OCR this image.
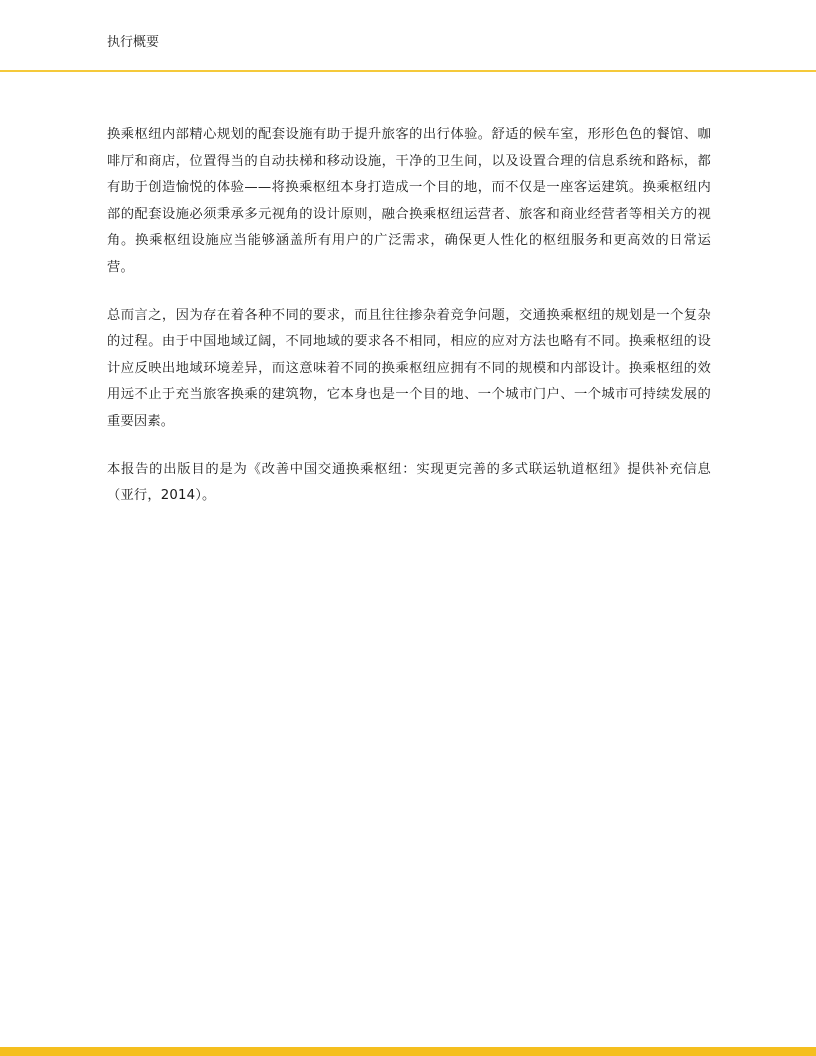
执行概要

换乘枢纽内部精心规划的配套设施有助于提升旅客的出行体验。舒适的候车室，形形色色的餐馆、咖啡厅和商店，位置得当的自动扶梯和移动设施，干净的卫生间，以及设置合理的信息系统和路标，都有助于创造愉悦的体验——将换乘枢纽本身打造成一个目的地，而不仅是一座客运建筑。换乘枢纽内部的配套设施必须秉承多元视角的设计原则，融合换乘枢纽运营者、旅客和商业经营者等相关方的视角。换乘枢纽设施应当能够涵盖所有用户的广泛需求，确保更人性化的枢纽服务和更高效的日常运营。

总而言之，因为存在着各种不同的要求，而且往往掺杂着竞争问题，交通换乘枢纽的规划是一个复杂的过程。由于中国地域辽阔，不同地域的要求各不相同，相应的应对方法也略有不同。换乘枢纽的设计应反映出地域环境差异，而这意味着不同的换乘枢纽应拥有不同的规模和内部设计。换乘枢纽的效用远不止于充当旅客换乘的建筑物，它本身也是一个目的地、一个城市门户、一个城市可持续发展的重要因素。

本报告的出版目的是为《改善中国交通换乘枢纽：实现更完善的多式联运轨道枢纽》提供补充信息（亚行，2014）。
